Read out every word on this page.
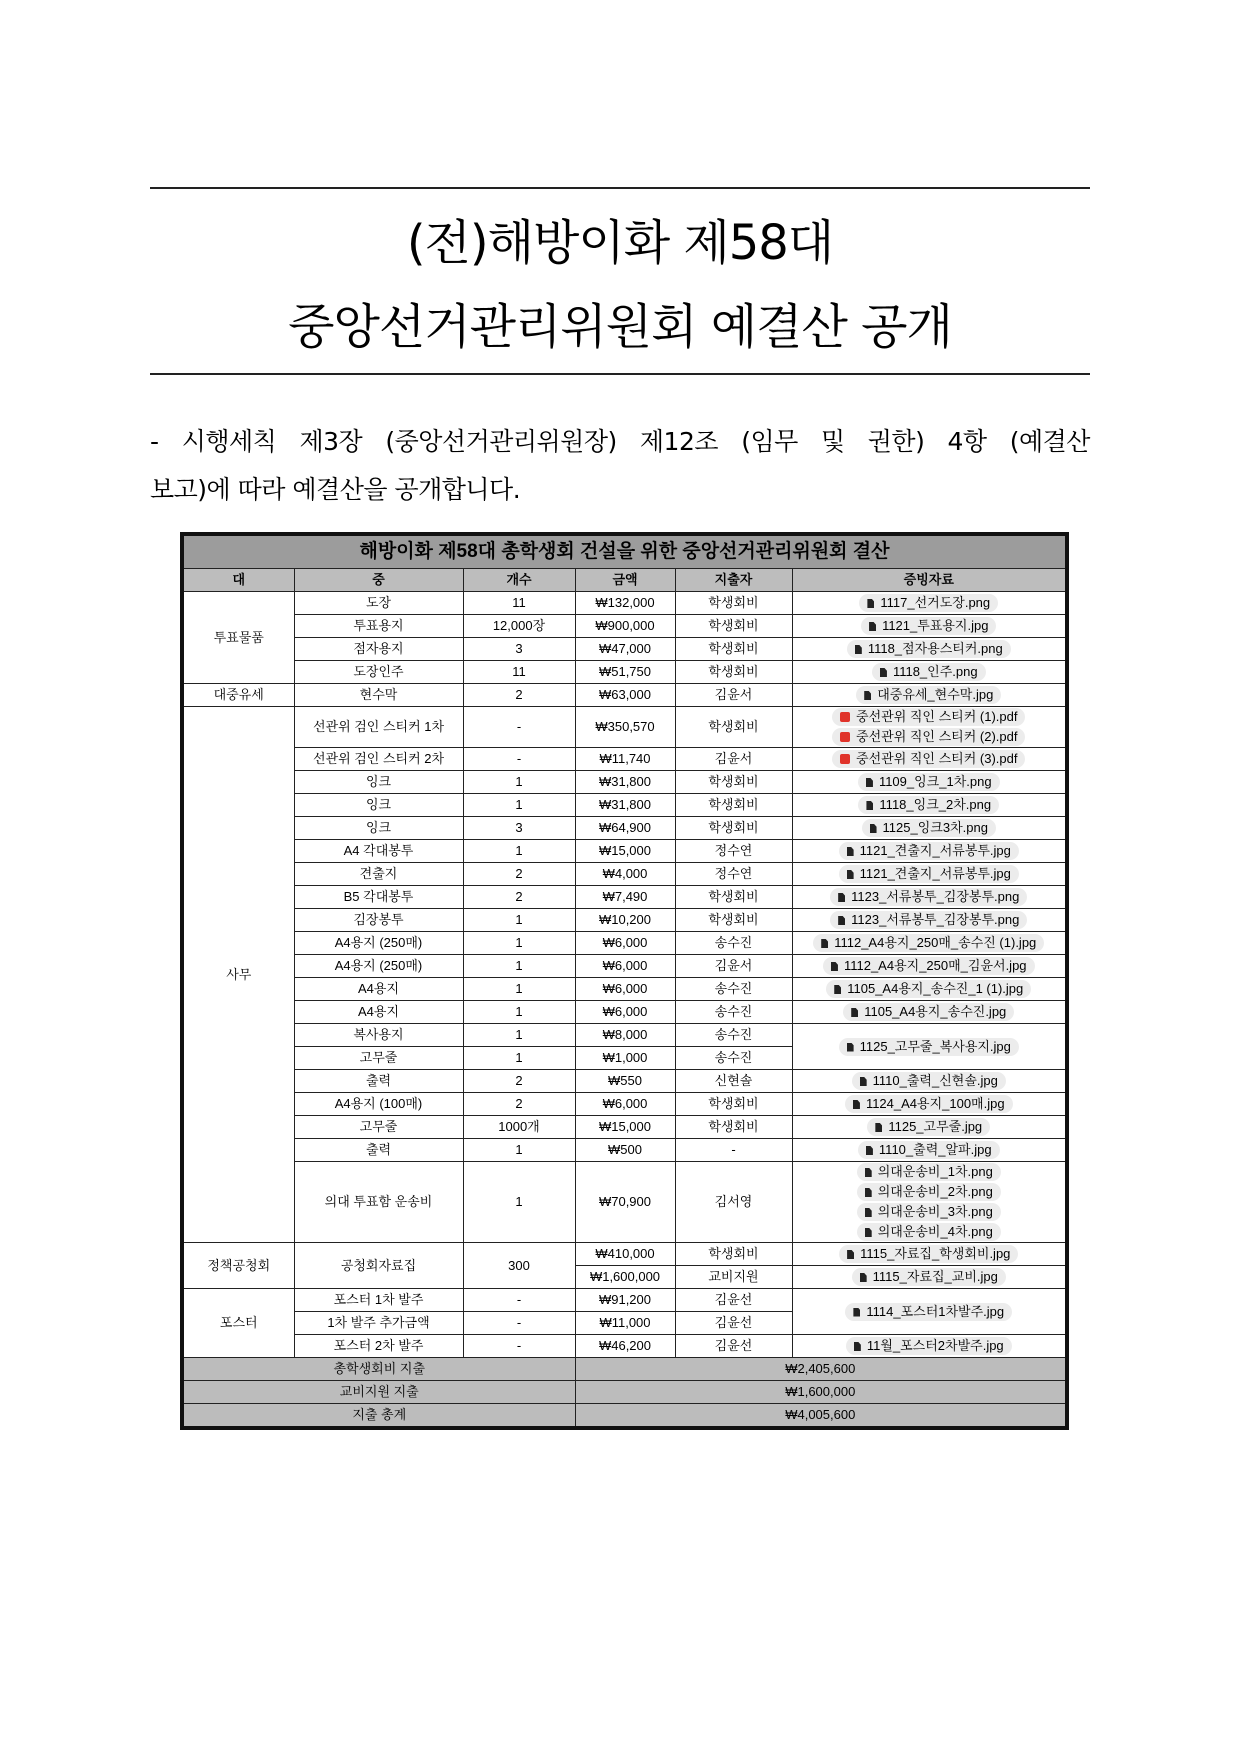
(전)해방이화 제58대
중앙선거관리위원회 예결산 공개
- 시행세칙 제3장 (중앙선거관리위원장) 제12조 (임무 및 권한) 4항 (예결산
보고)에 따라 예결산을 공개합니다.
해방이화 제58대 총학생회 건설을 위한 중앙선거관리위원회 결산					
대	중	개수	금액	지출자	증빙자료
투표물품	도장	11	₩132,000	학생회비	1117_선거도장.png

	투표용지	12,000장	₩900,000	학생회비	1121_투표용지.jpg

	점자용지	3	₩47,000	학생회비	1118_점자용스티커.png

	도장인주	11	₩51,750	학생회비	1118_인주.png

대중유세	현수막	2	₩63,000	김윤서	대중유세_현수막.jpg

사무	선관위 검인 스티커 1차	-	₩350,570	학생회비	중선관위 직인 스티커 (1).pdf
중선관위 직인 스티커 (2).pdf

	선관위 검인 스티커 2차	-	₩11,740	김윤서	중선관위 직인 스티커 (3).pdf

	잉크	1	₩31,800	학생회비	1109_잉크_1차.png

	잉크	1	₩31,800	학생회비	1118_잉크_2차.png

	잉크	3	₩64,900	학생회비	1125_잉크3차.png

	A4 각대봉투	1	₩15,000	정수연	1121_견출지_서류봉투.jpg

	견출지	2	₩4,000	정수연	1121_견출지_서류봉투.jpg

	B5 각대봉투	2	₩7,490	학생회비	1123_서류봉투_김장봉투.png

	김장봉투	1	₩10,200	학생회비	1123_서류봉투_김장봉투.png

	A4용지 (250매)	1	₩6,000	송수진	1112_A4용지_250매_송수진 (1).jpg

	A4용지 (250매)	1	₩6,000	김윤서	1112_A4용지_250매_김윤서.jpg

	A4용지	1	₩6,000	송수진	1105_A4용지_송수진_1 (1).jpg

	A4용지	1	₩6,000	송수진	1105_A4용지_송수진.jpg

	복사용지	1	₩8,000	송수진	1125_고무줄_복사용지.jpg

	고무줄	1	₩1,000	송수진	
	출력	2	₩550	신현솔	1110_출력_신현솔.jpg

	A4용지 (100매)	2	₩6,000	학생회비	1124_A4용지_100매.jpg

	고무줄	1000개	₩15,000	학생회비	1125_고무줄.jpg

	출력	1	₩500	-	1110_출력_알파.jpg

	의대 투표함 운송비	1	₩70,900	김서영	의대운송비_1차.png
의대운송비_2차.png
의대운송비_3차.png
의대운송비_4차.png

정책공청회	공청회자료집	300	₩410,000	학생회비	1115_자료집_학생회비.jpg

			₩1,600,000	교비지원	1115_자료집_교비.jpg

포스터	포스터 1차 발주	-	₩91,200	김윤선	1114_포스터1차발주.jpg

	1차 발주 추가금액	-	₩11,000	김윤선	
	포스터 2차 발주	-	₩46,200	김윤선	11월_포스터2차발주.jpg

총학생회비 지출			₩2,405,600		
교비지원 지출			₩1,600,000		
지출 총계			₩4,005,600		
